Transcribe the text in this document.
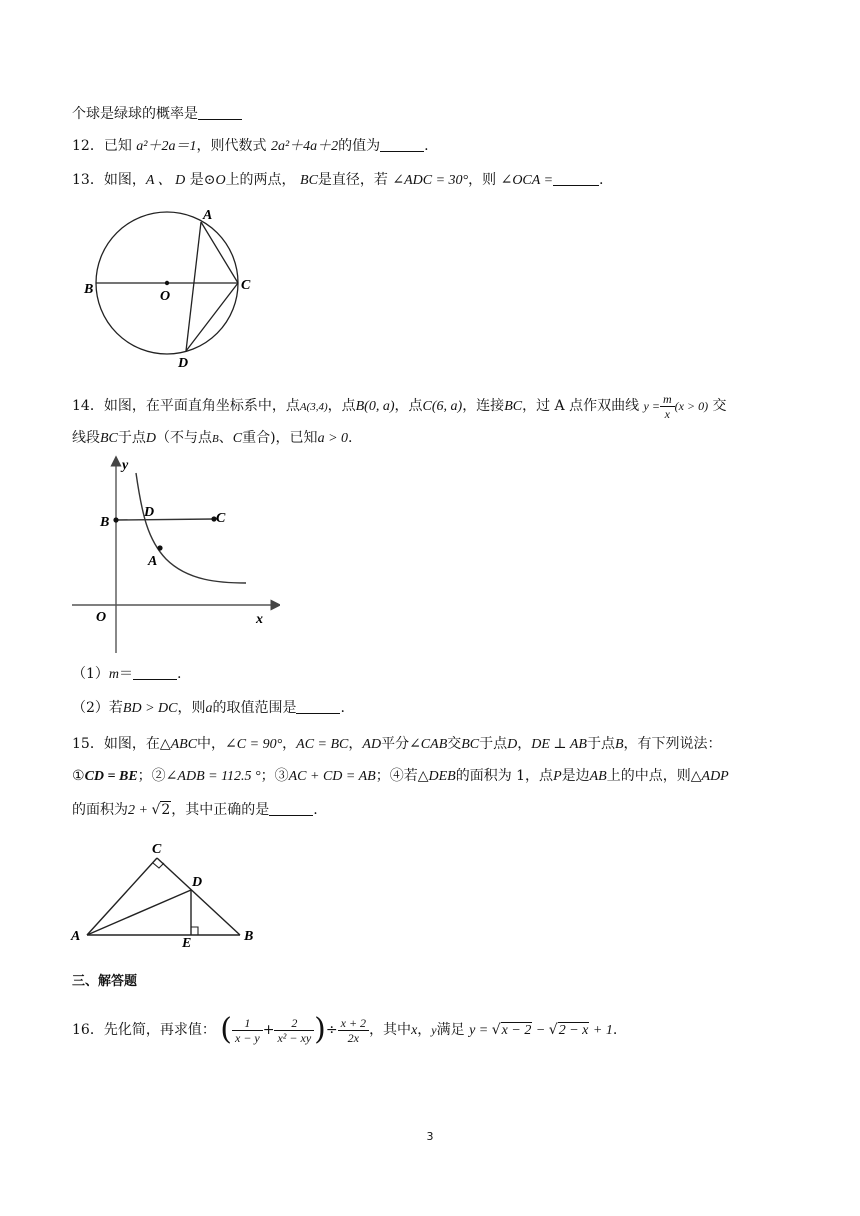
个球是绿球的概率是
12．已知 a²＋2a＝1，则代数式 2a²＋4a＋2的值为	.
13．如图，A 、 D 是⊙O上的两点， BC是直径，若 ∠ADC = 30°，则 ∠OCA =	.
A
B	C
D
O
14．如图，在平面直角坐标系中，点A(3,4)，点B(0, a)，点C(6, a)，连接BC，过 A 点作双曲线 $y = \frac{m}{x} (x > 0)$ 交
线段BC于点D（不与点B、C重合)，已知a > 0.
y
x
O
B	C
D
A
（1）m＝	.
（2）若BD > DC，则a的取值范围是	.
15．如图，在△ABC中，∠C = 90°，AC = BC，AD平分∠CAB交BC于点D，DE ⊥ AB于点B，有下列说法：
①CD = BE；②∠ADB = 112.5 °；③AC + CD = AB；④若△DEB的面积为 1，点P是边AB上的中点，则△ADP
的面积为2 + √2，其中正确的是	.
A	B
C
D
E
三、解答题
16．先化简，再求值： ( $\frac{1}{x - y} + \frac{2}{\text{x² − xy}}$ )÷ $\frac{x + 2}{2x}$ ，其中x，y满足 y = √x − 2 − √2 − x + 1.
3
